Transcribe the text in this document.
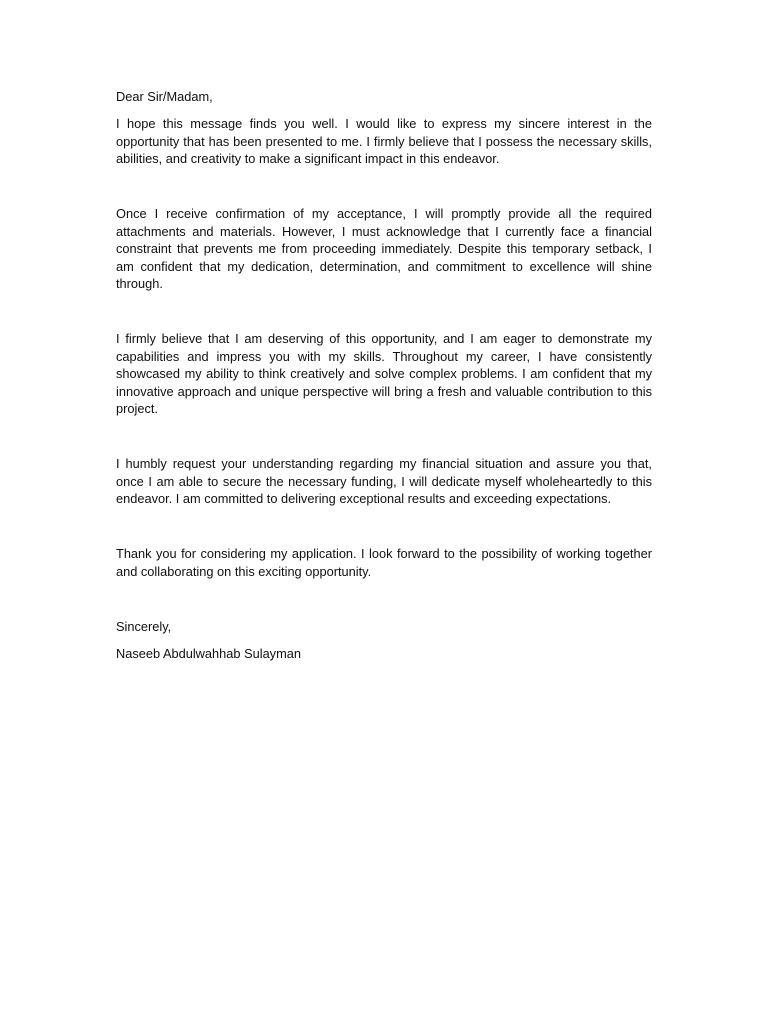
Dear Sir/Madam,

I hope this message finds you well. I would like to express my sincere interest in the opportunity that has been presented to me. I firmly believe that I possess the necessary skills, abilities, and creativity to make a significant impact in this endeavor.

Once I receive confirmation of my acceptance, I will promptly provide all the required attachments and materials. However, I must acknowledge that I currently face a financial constraint that prevents me from proceeding immediately. Despite this temporary setback, I am confident that my dedication, determination, and commitment to excellence will shine through.

I firmly believe that I am deserving of this opportunity, and I am eager to demonstrate my capabilities and impress you with my skills. Throughout my career, I have consistently showcased my ability to think creatively and solve complex problems. I am confident that my innovative approach and unique perspective will bring a fresh and valuable contribution to this project.

I humbly request your understanding regarding my financial situation and assure you that, once I am able to secure the necessary funding, I will dedicate myself wholeheartedly to this endeavor. I am committed to delivering exceptional results and exceeding expectations.

Thank you for considering my application. I look forward to the possibility of working together and collaborating on this exciting opportunity.

Sincerely,

Naseeb Abdulwahhab Sulayman
